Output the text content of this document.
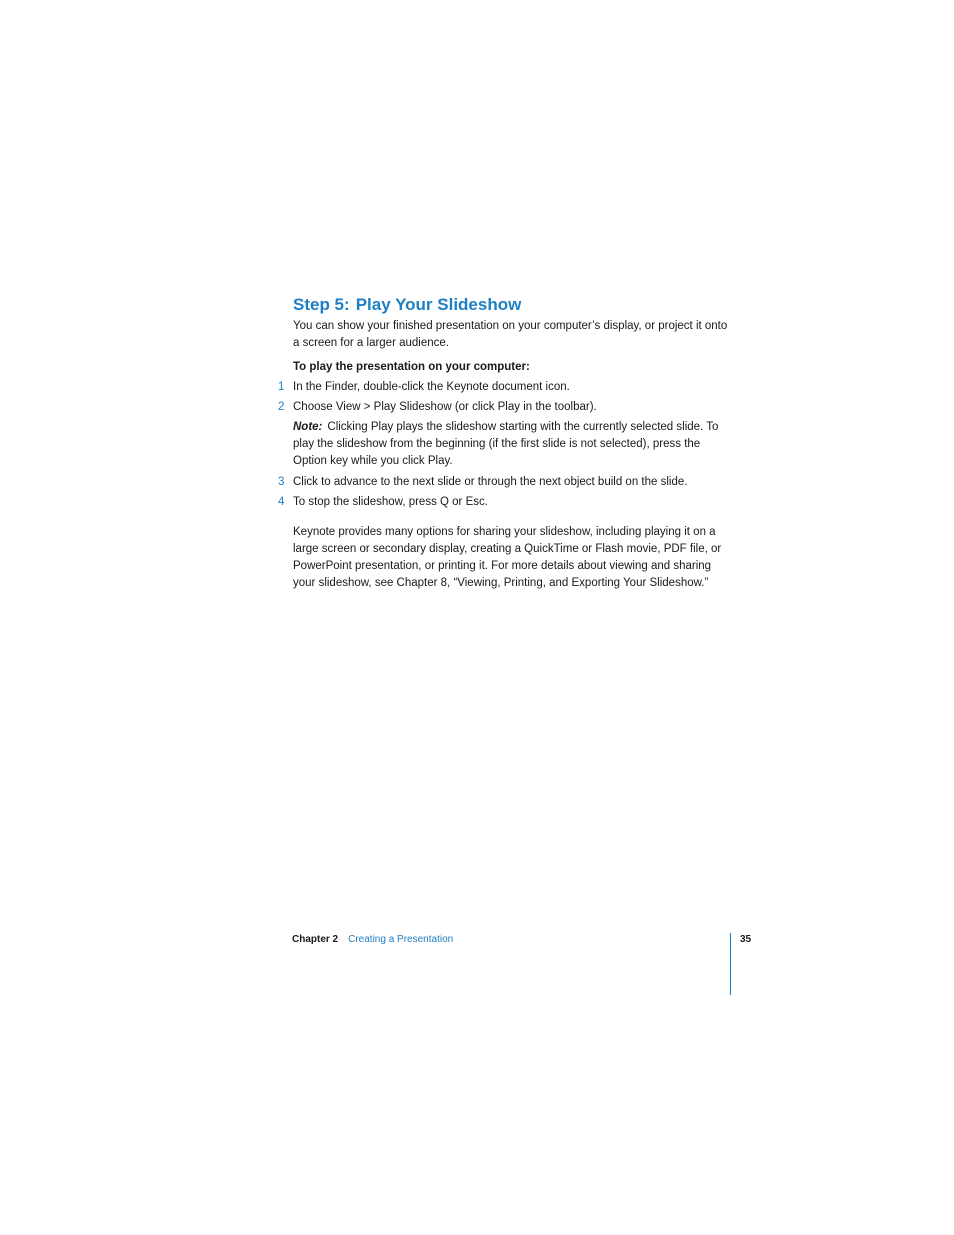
Step 5: Play Your Slideshow

You can show your finished presentation on your computer’s display, or project it onto a screen for a larger audience.

To play the presentation on your computer:

1 In the Finder, double-click the Keynote document icon.

2 Choose View > Play Slideshow (or click Play in the toolbar).

Note: Clicking Play plays the slideshow starting with the currently selected slide. To play the slideshow from the beginning (if the first slide is not selected), press the Option key while you click Play.

3 Click to advance to the next slide or through the next object build on the slide.

4 To stop the slideshow, press Q or Esc.

Keynote provides many options for sharing your slideshow, including playing it on a large screen or secondary display, creating a QuickTime or Flash movie, PDF file, or PowerPoint presentation, or printing it. For more details about viewing and sharing your slideshow, see Chapter 8, “Viewing, Printing, and Exporting Your Slideshow.”

Chapter 2 Creating a Presentation	35
